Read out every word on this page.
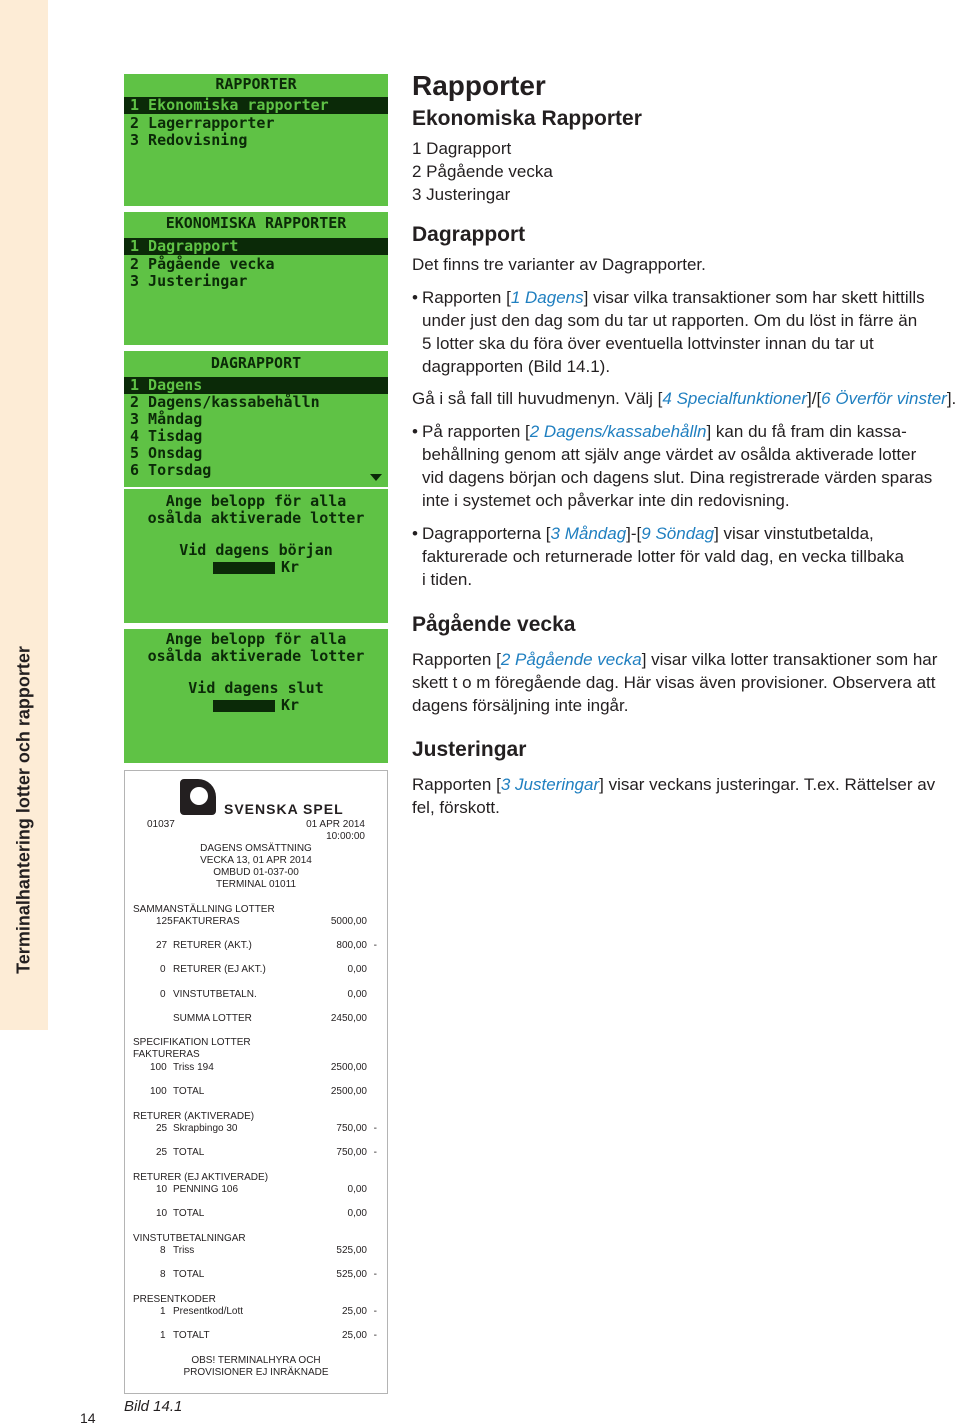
Terminalhantering lotter och rapporter
14
RAPPORTER
1 Ekonomiska rapporter
2 Lagerrapporter
3 Redovisning
EKONOMISKA RAPPORTER
1 Dagrapport
2 Pågående vecka
3 Justeringar
DAGRAPPORT
1 Dagens
2 Dagens/kassabehålln
3 Måndag
4 Tisdag
5 Onsdag
6 Torsdag
Ange belopp för alla
osålda aktiverade lotter
Vid dagens början
Kr
Ange belopp för alla
osålda aktiverade lotter
Vid dagens slut
Kr
SVENSKA SPEL
01037	01 APR 2014
10:00:00
DAGENS OMSÄTTNING
VECKA 13, 01 APR 2014
OMBUD 01-037-00
TERMINAL 01011
SAMMANSTÄLLNING LOTTER
125 FAKTURERAS	5000,00
27 RETURER (AKT.)	800,00 -
0 RETURER (EJ AKT.)	0,00
0 VINSTUTBETALN.	0,00
SUMMA LOTTER	2450,00
SPECIFIKATION LOTTER
FAKTURERAS
100 Triss 194	2500,00
100 TOTAL	2500,00
RETURER (AKTIVERADE)
25 Skrapbingo 30	750,00 -
25 TOTAL	750,00 -
RETURER (EJ AKTIVERADE)
10 PENNING 106	0,00
10 TOTAL	0,00
VINSTUTBETALNINGAR
8 Triss	525,00
8 TOTAL	525,00 -
PRESENTKODER
1 Presentkod/Lott	25,00 -
1 TOTALT	25,00 -
OBS! TERMINALHYRA OCH
PROVISIONER EJ INRÄKNADE
Bild 14.1
Rapporter
Ekonomiska Rapporter
1 Dagrapport
2 Pågående vecka
3 Justeringar
Dagrapport
Det finns tre varianter av Dagrapporter.
• Rapporten [1 Dagens] visar vilka transaktioner som har skett hittills
under just den dag som du tar ut rapporten. Om du löst in färre än
5 lotter ska du föra över eventuella lottvinster innan du tar ut
dagrapporten (Bild 14.1).
Gå i så fall till huvudmenyn. Välj [4 Specialfunktioner]/[6 Överför vinster].
• På rapporten [2 Dagens/kassabehålln] kan du få fram din kassa-
behållning genom att själv ange värdet av osålda aktiverade lotter
vid dagens början och dagens slut. Dina registrerade värden sparas
inte i systemet och påverkar inte din redovisning.
• Dagrapporterna [3 Måndag]-[9 Söndag] visar vinstutbetalda,
fakturerade och returnerade lotter för vald dag, en vecka tillbaka
i tiden.
Pågående vecka
Rapporten [2 Pågående vecka] visar vilka lotter transaktioner som har
skett t o m föregående dag. Här visas även provisioner. Observera att
dagens försäljning inte ingår.
Justeringar
Rapporten [3 Justeringar] visar veckans justeringar. T.ex. Rättelser av
fel, förskott.
